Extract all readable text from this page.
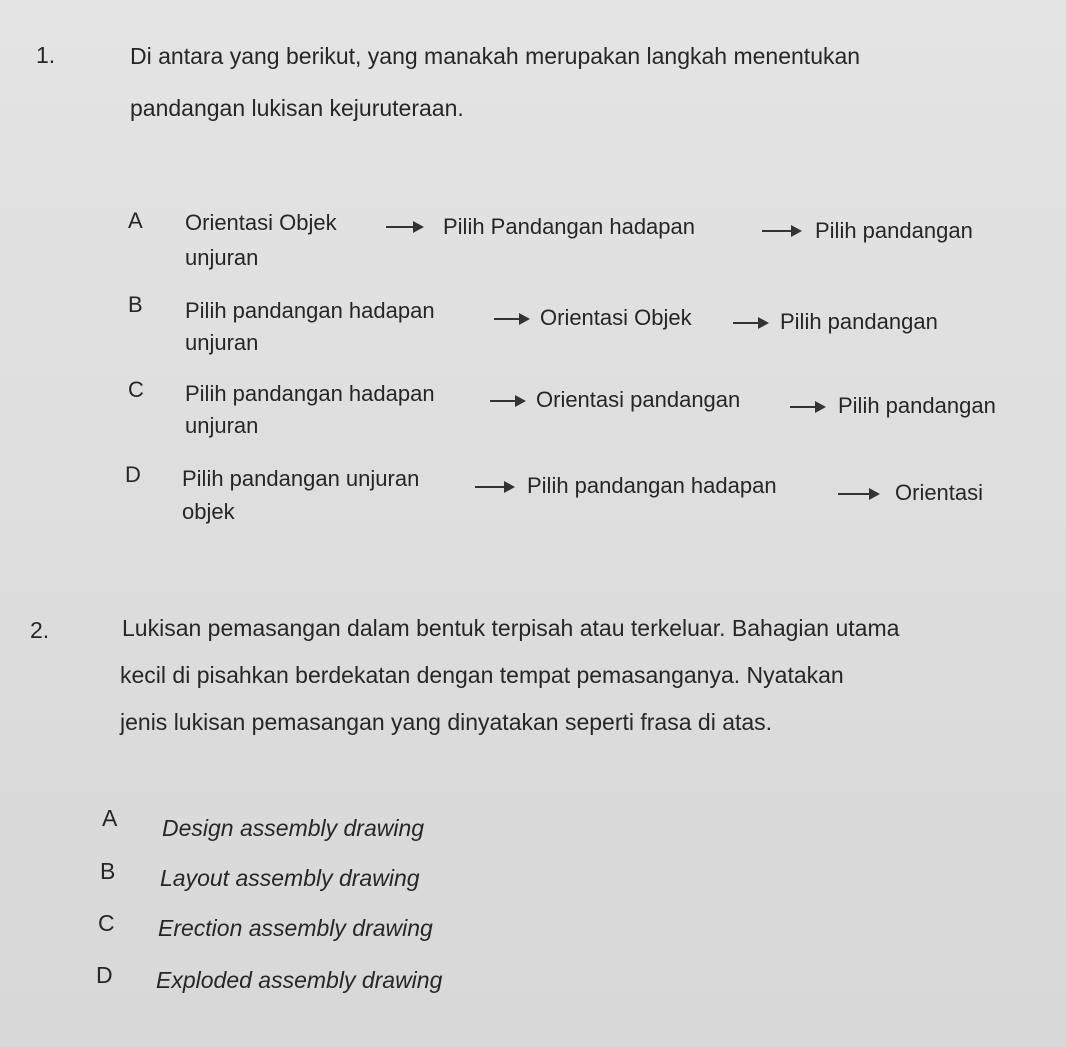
1.	Di antara yang berikut, yang manakah merupakan langkah menentukan
pandangan lukisan kejuruteraan.
A Orientasi Objek	Pilih Pandangan hadapan	Pilih pandangan
unjuran
B Pilih pandangan hadapan	Orientasi Objek	Pilih pandangan
unjuran
C Pilih pandangan hadapan	Orientasi pandangan	Pilih pandangan
unjuran
D Pilih pandangan unjuran	Pilih pandangan hadapan	Orientasi
objek
2.	Lukisan pemasangan dalam bentuk terpisah atau terkeluar. Bahagian utama
kecil di pisahkan berdekatan dengan tempat pemasanganya. Nyatakan
jenis lukisan pemasangan yang dinyatakan seperti frasa di atas.
A Design assembly drawing
B Layout assembly drawing
C Erection assembly drawing
D Exploded assembly drawing
